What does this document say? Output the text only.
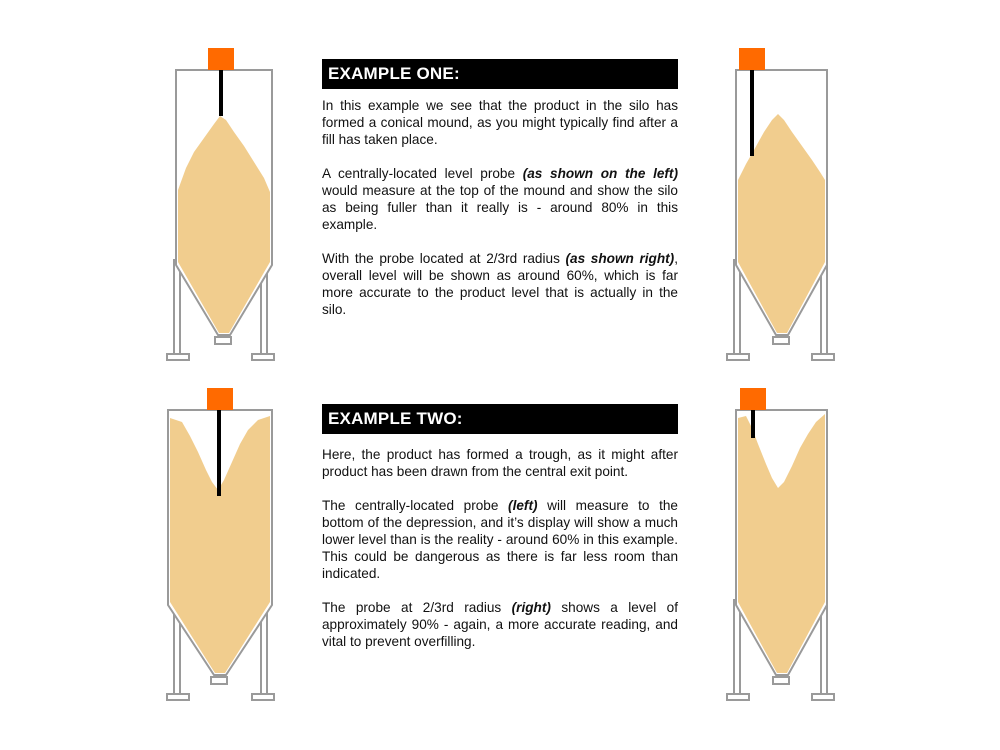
EXAMPLE ONE:

In this example we see that the product in the silo has formed a conical mound, as you might typically find after a fill has taken place.

A centrally-located level probe (as shown on the left) would measure at the top of the mound and show the silo as being fuller than it really is - around 80% in this example.

With the probe located at 2/3rd radius (as shown right), overall level will be shown as around 60%, which is far more accurate to the product level that is actually in the silo.

EXAMPLE TWO:

Here, the product has formed a trough, as it might after product has been drawn from the central exit point.

The centrally-located probe (left) will measure to the bottom of the depression, and it’s display will show a much lower level than is the reality - around 60% in this example. This could be dangerous as there is far less room than indicated.

The probe at 2/3rd radius (right) shows a level of approximately 90% - again, a more accurate reading, and vital to prevent overfilling.
